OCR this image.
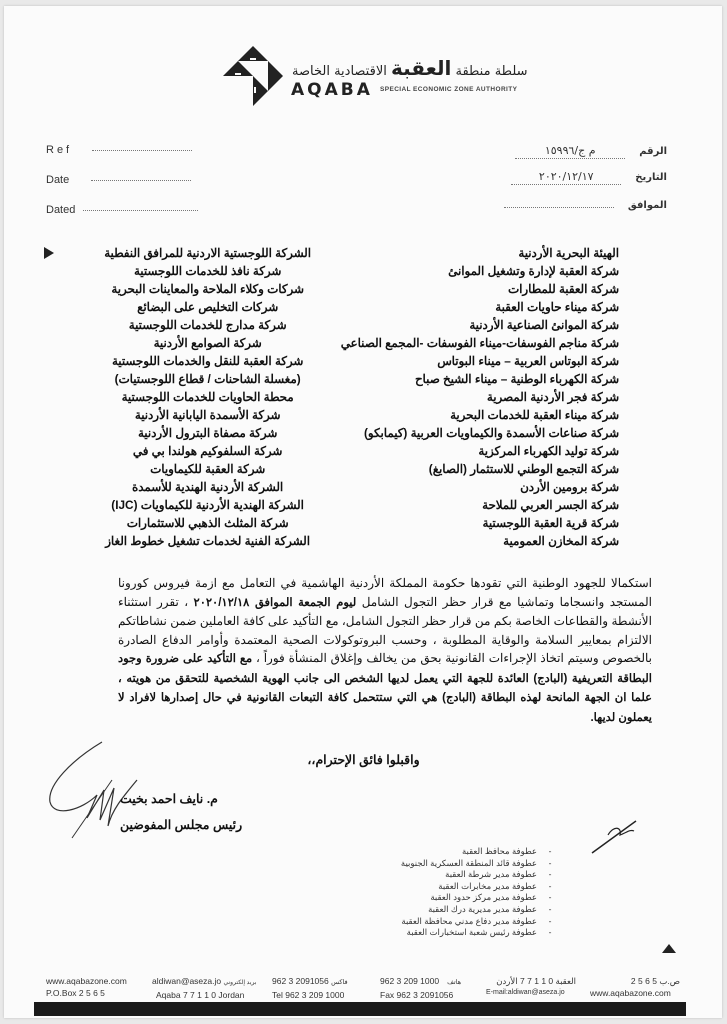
سلطة منطقة العقبة الاقتصادية الخاصة
AQABA SPECIAL ECONOMIC ZONE AUTHORITY
Ref
Date
Dated
الرقمم ج/١٥٩٩٦
التاريخ٢٠٢٠/١٢/١٧
الموافق
الهيئة البحرية الأردنية
شركة العقبة لإدارة وتشغيل الموانئ
شركة العقبة للمطارات
شركة ميناء حاويات العقبة
شركة الموانئ الصناعية الأردنية
شركة مناجم الفوسفات-ميناء الفوسفات -المجمع الصناعي
شركة البوتاس العربية – ميناء البوتاس
شركة الكهرباء الوطنية – ميناء الشيخ صباح
شركة فجر الأردنية المصرية
شركة ميناء العقبة للخدمات البحرية
شركة صناعات الأسمدة والكيماويات العربية (كيمابكو)
شركة توليد الكهرباء المركزية
شركة التجمع الوطني للاستثمار (الصايغ)
شركة برومين الأردن
شركة الجسر العربي للملاحة
شركة قرية العقبة اللوجستية
شركة المخازن العمومية
الشركة اللوجستية الاردنية للمرافق النفطية
شركة نافذ للخدمات اللوجستية
شركات وكلاء الملاحة والمعاينات البحرية
شركات التخليص على البضائع
شركة مدارج للخدمات اللوجستية
شركة الصوامع الأردنية
شركة العقبة للنقل والخدمات اللوجستية
(مغسلة الشاحنات / قطاع اللوجستيات)
محطة الحاويات للخدمات اللوجستية
شركة الأسمدة اليابانية الأردنية
شركة مصفاة البترول الأردنية
شركة السلفوكيم هولندا بي في
شركة العقبة للكيماويات
الشركة الأردنية الهندية للأسمدة
الشركة الهندية الأردنية للكيماويات (IJC)
شركة المثلث الذهبي للاستثمارات
الشركة الفنية لخدمات تشغيل خطوط الغاز
استكمالا للجهود الوطنية التي تقودها حكومة المملكة الأردنية الهاشمية في التعامل مع ازمة فيروس كورونا المستجد وانسجاما وتماشيا مع قرار حظر التجول الشامل ليوم الجمعة الموافق ٢٠٢٠/١٢/١٨ ، تقرر استثناء الأنشطة والقطاعات الخاصة بكم من قرار حظر التجول الشامل، مع التأكيد على كافة العاملين ضمن نشاطاتكم الالتزام بمعايير السلامة والوقاية المطلوبة ، وحسب البروتوكولات الصحية المعتمدة وأوامر الدفاع الصادرة بالخصوص وسيتم اتخاذ الإجراءات القانونية بحق من يخالف وإغلاق المنشأة فوراً ، مع التأكيد على ضرورة وجود البطاقة التعريفية (البادج) العائدة للجهة التي يعمل لديها الشخص الى جانب الهوية الشخصية للتحقق من هويته ، علما ان الجهة المانحة لهذه البطاقة (البادج) هي التي ستتحمل كافة التبعات القانونية في حال إصدارها لافراد لا يعملون لديها.
واقبلوا فائق الإحترام،،
م. نايف احمد بخيت
رئيس مجلس المفوضين
- عطوفة محافظ العقبة
- عطوفة قائد المنطقة العسكرية الجنوبية
- عطوفة مدير شرطة العقبة
- عطوفة مدير مخابرات العقبة
- عطوفة مدير مركز حدود العقبة
- عطوفة مدير مديرية درك العقبة
- عطوفة مدير دفاع مدني محافظة العقبة
- عطوفة رئيس شعبة استخبارات العقبة
www.aqabazone.com
P.O.Box 2 5 6 5
aldiwan@aseza.jo بريد إلكتروني
Aqaba 7 7 1 1 0 Jordan
962 3 2091056 فاكس
Tel 962 3 209 1000
962 3 209 1000 هاتف
Fax 962 3 2091056
العقبة 0 1 1 7 7 الأردن
E-mail:aldiwan@aseza.jo
ص.ب 5 6 5 2
www.aqabazone.com
